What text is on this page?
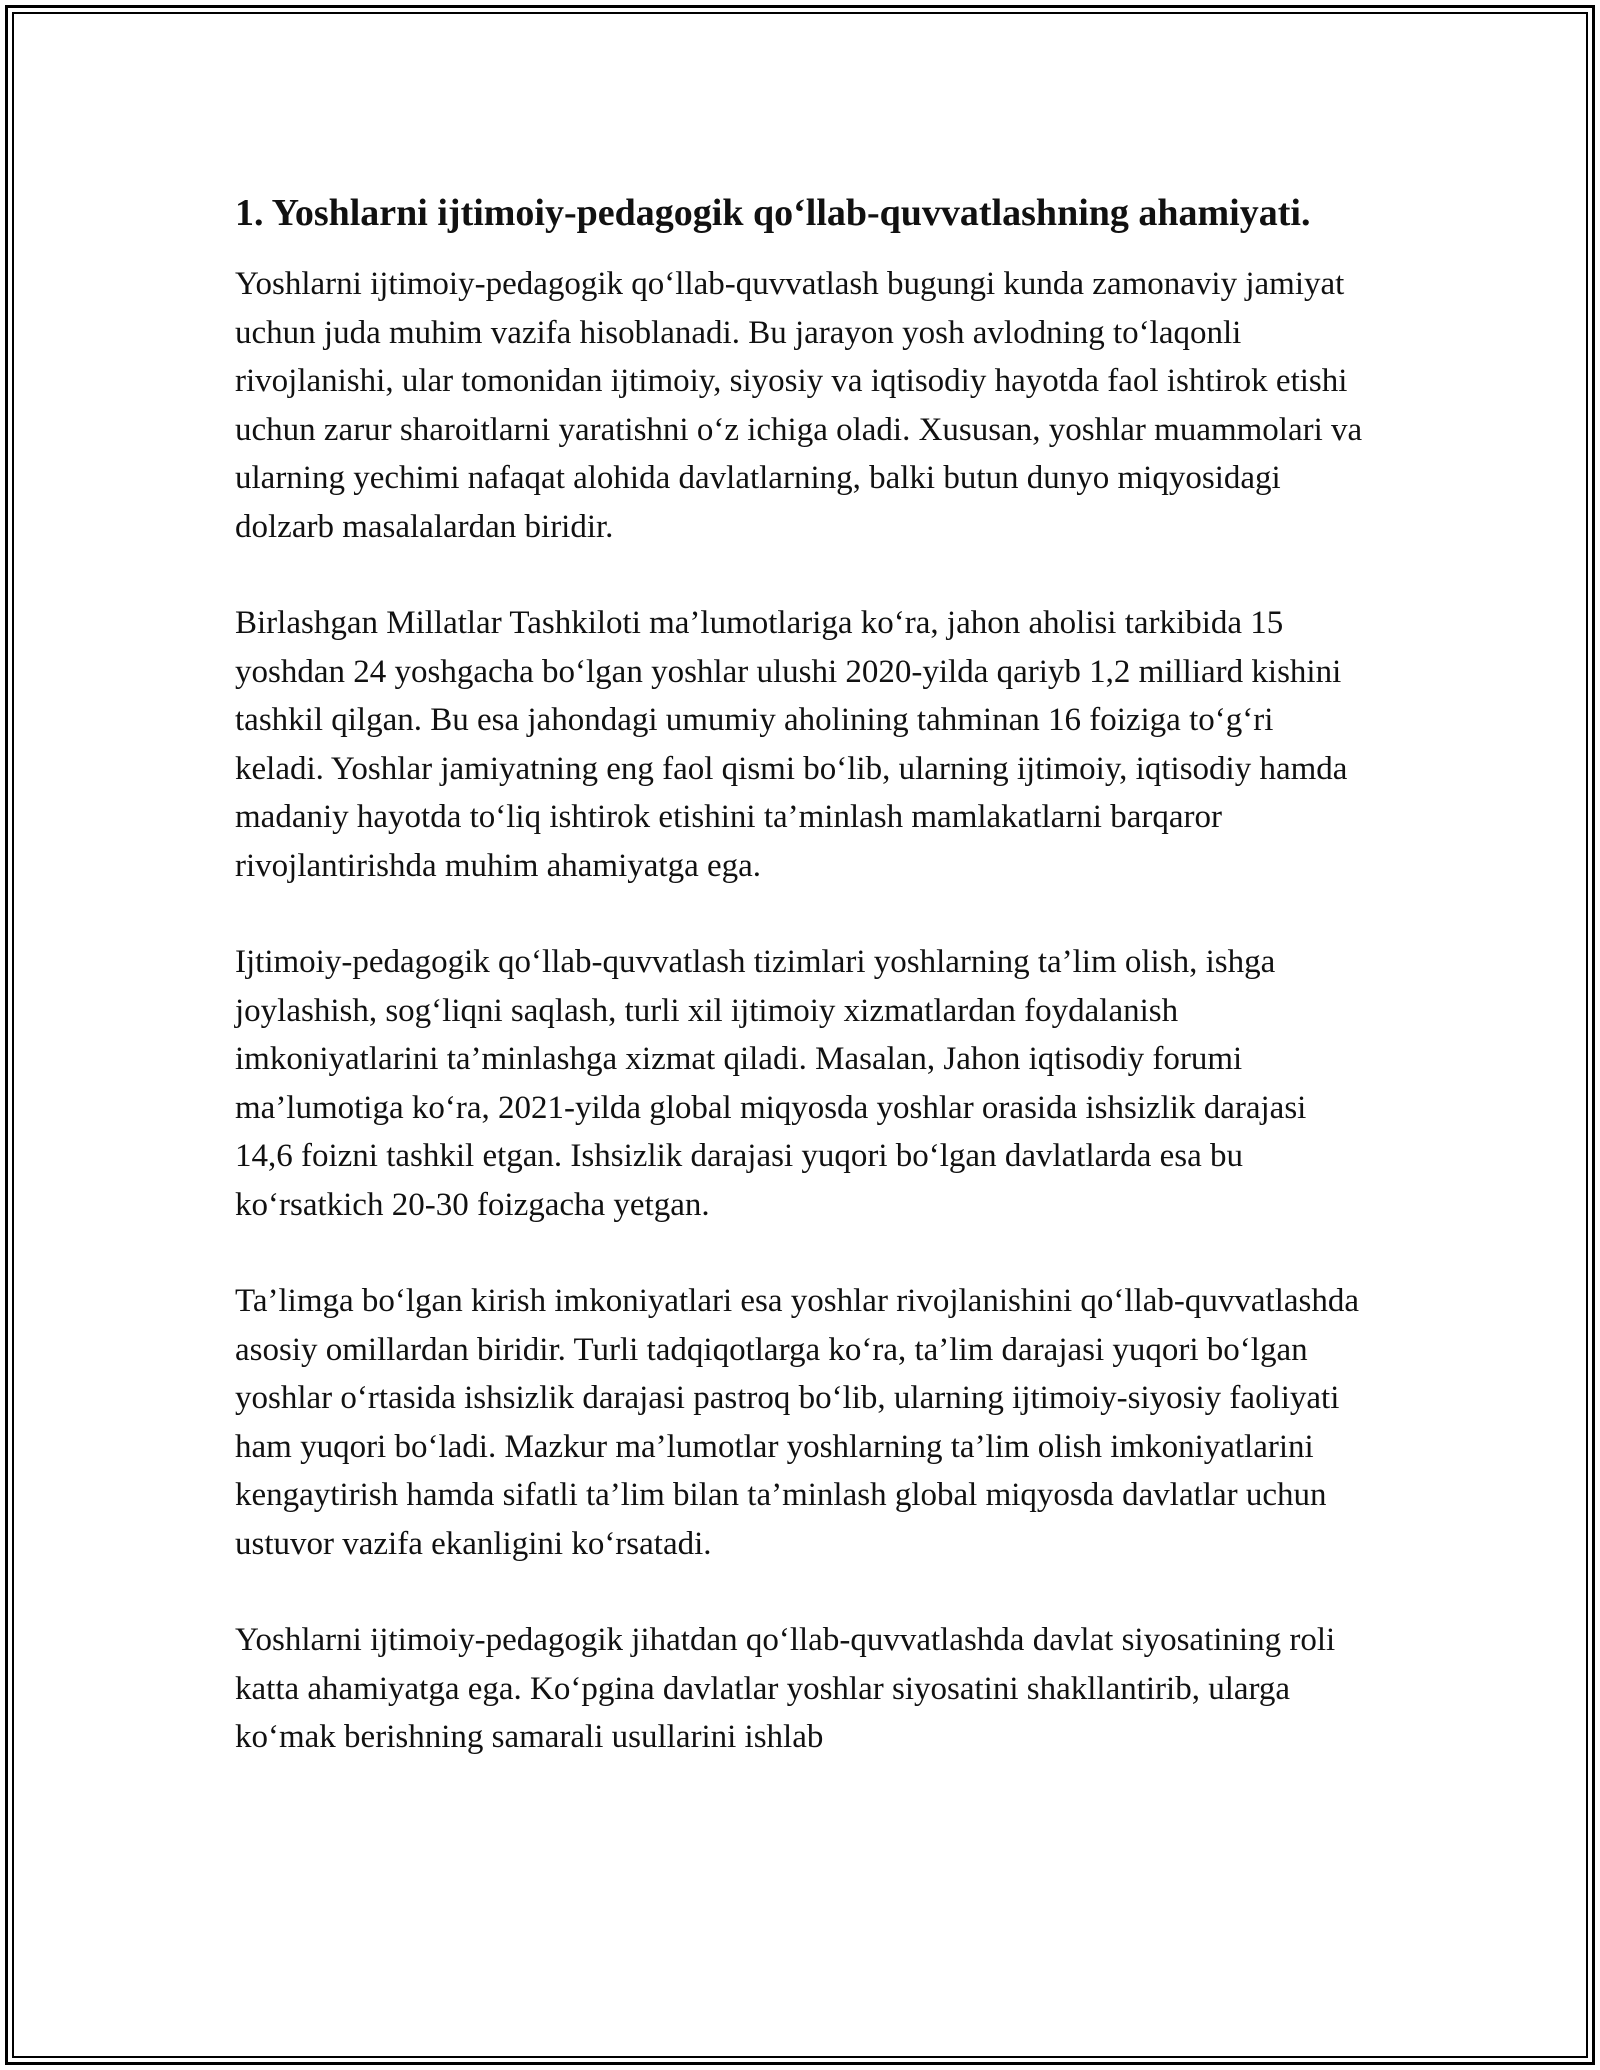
1. Yoshlarni ijtimoiy-pedagogik qo‘llab-quvvatlashning ahamiyati.

Yoshlarni ijtimoiy-pedagogik qo‘llab-quvvatlash bugungi kunda zamonaviy jamiyat uchun juda muhim vazifa hisoblanadi. Bu jarayon yosh avlodning to‘laqonli rivojlanishi, ular tomonidan ijtimoiy, siyosiy va iqtisodiy hayotda faol ishtirok etishi uchun zarur sharoitlarni yaratishni o‘z ichiga oladi. Xususan, yoshlar muammolari va ularning yechimi nafaqat alohida davlatlarning, balki butun dunyo miqyosidagi dolzarb masalalardan biridir.

Birlashgan Millatlar Tashkiloti ma’lumotlariga ko‘ra, jahon aholisi tarkibida 15 yoshdan 24 yoshgacha bo‘lgan yoshlar ulushi 2020-yilda qariyb 1,2 milliard kishini tashkil qilgan. Bu esa jahondagi umumiy aholining tahminan 16 foiziga to‘g‘ri keladi. Yoshlar jamiyatning eng faol qismi bo‘lib, ularning ijtimoiy, iqtisodiy hamda madaniy hayotda to‘liq ishtirok etishini ta’minlash mamlakatlarni barqaror rivojlantirishda muhim ahamiyatga ega.

Ijtimoiy-pedagogik qo‘llab-quvvatlash tizimlari yoshlarning ta’lim olish, ishga joylashish, sog‘liqni saqlash, turli xil ijtimoiy xizmatlardan foydalanish imkoniyatlarini ta’minlashga xizmat qiladi. Masalan, Jahon iqtisodiy forumi ma’lumotiga ko‘ra, 2021-yilda global miqyosda yoshlar orasida ishsizlik darajasi 14,6 foizni tashkil etgan. Ishsizlik darajasi yuqori bo‘lgan davlatlarda esa bu ko‘rsatkich 20-30 foizgacha yetgan.

Ta’limga bo‘lgan kirish imkoniyatlari esa yoshlar rivojlanishini qo‘llab-quvvatlashda asosiy omillardan biridir. Turli tadqiqotlarga ko‘ra, ta’lim darajasi yuqori bo‘lgan yoshlar o‘rtasida ishsizlik darajasi pastroq bo‘lib, ularning ijtimoiy-siyosiy faoliyati ham yuqori bo‘ladi. Mazkur ma’lumotlar yoshlarning ta’lim olish imkoniyatlarini kengaytirish hamda sifatli ta’lim bilan ta’minlash global miqyosda davlatlar uchun ustuvor vazifa ekanligini ko‘rsatadi.

Yoshlarni ijtimoiy-pedagogik jihatdan qo‘llab-quvvatlashda davlat siyosatining roli katta ahamiyatga ega. Ko‘pgina davlatlar yoshlar siyosatini shakllantirib, ularga ko‘mak berishning samarali usullarini ishlab
